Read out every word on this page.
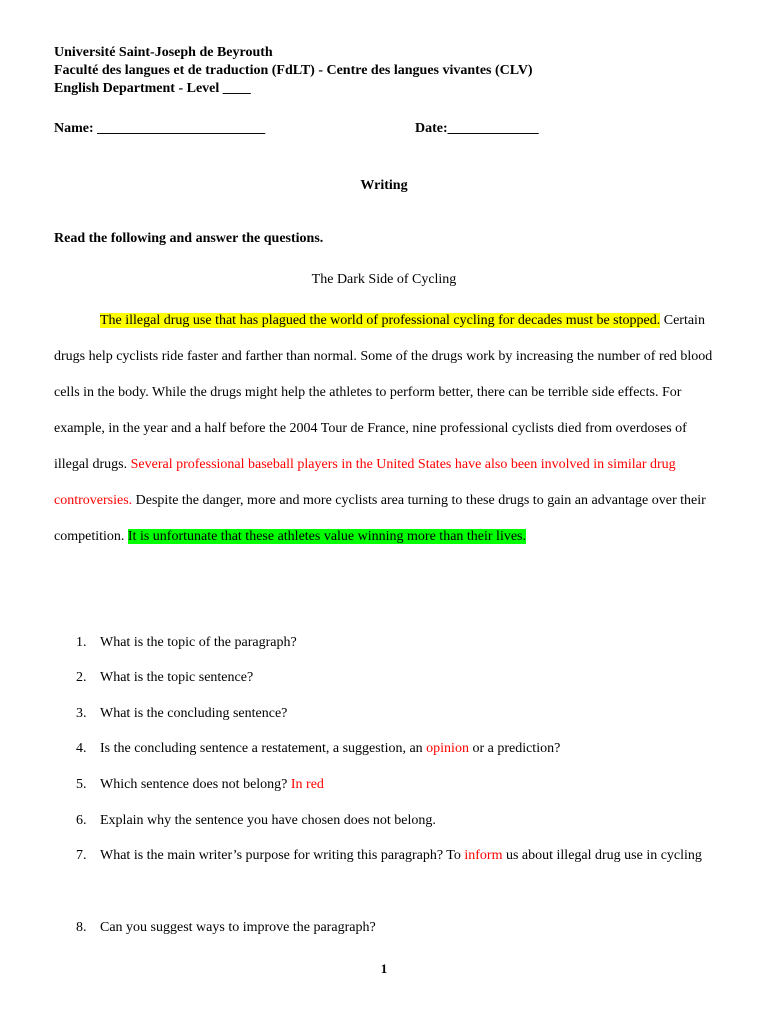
Université Saint-Joseph de Beyrouth
Faculté des langues et de traduction (FdLT) - Centre des langues vivantes (CLV)
English Department - Level ____
Name: ________________________	Date:_____________
Writing
Read the following and answer the questions.
The Dark Side of Cycling

The illegal drug use that has plagued the world of professional cycling for decades must be stopped. Certain drugs help cyclists ride faster and farther than normal. Some of the drugs work by increasing the number of red blood cells in the body. While the drugs might help the athletes to perform better, there can be terrible side effects. For example, in the year and a half before the 2004 Tour de France, nine professional cyclists died from overdoses of illegal drugs. Several professional baseball players in the United States have also been involved in similar drug controversies. Despite the danger, more and more cyclists area turning to these drugs to gain an advantage over their competition. It is unfortunate that these athletes value winning more than their lives.

1. What is the topic of the paragraph?
2. What is the topic sentence?
3. What is the concluding sentence?
4. Is the concluding sentence a restatement, a suggestion, an opinion or a prediction?
5. Which sentence does not belong? In red
6. Explain why the sentence you have chosen does not belong.
7. What is the main writer’s purpose for writing this paragraph? To inform us about illegal drug use in cycling
8. Can you suggest ways to improve the paragraph?
1
